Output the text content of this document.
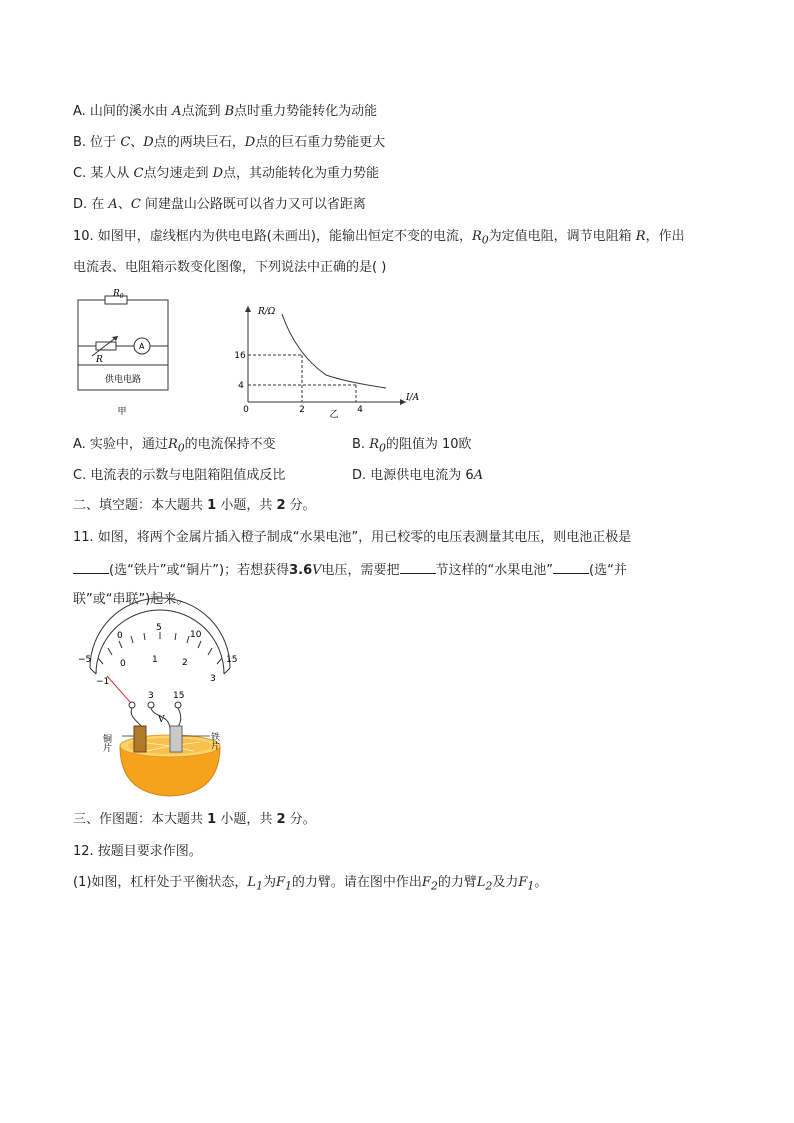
A. 山间的溪水由 A点流到 B点时重力势能转化为动能
B. 位于 C、D点的两块巨石，D点的巨石重力势能更大
C. 某人从 C点匀速走到 D点，其动能转化为重力势能
D. 在 A、C 间建盘山公路既可以省力又可以省距离
10. 如图甲，虚线框内为供电电路(未画出)，能输出恒定不变的电流，$R_0$为定值电阻，调节电阻箱 R，作出
电流表、电阻箱示数变化图像，下列说法中正确的是( )
$R_0$
R
A
供电电路
甲
R/Ω
I/A
0
16
4
2	4
乙
A. 实验中，通过$R_0$的电流保持不变	B. $R_0$的阻值为 10欧
C. 电流表的示数与电阻箱阻值成反比	D. 电源供电电流为 6A
二、填空题：本大题共 1 小题，共 2 分。
11. 如图，将两个金属片插入橙子制成“水果电池”，用已校零的电压表测量其电压，则电池正极是
(选“铁片”或“铜片”)；若想获得3.6V电压，需要把	节这样的“水果电池”	(选“并
联”或“串联”)起来。
−5
0
5
10
15
−1
0	1	2
3
3 15
V
铜片	铁片
三、作图题：本大题共 1 小题，共 2 分。
12. 按题目要求作图。
(1)如图，杠杆处于平衡状态，$L_1$为$F_1$的力臂。请在图中作出$F_2$的力臂$L_2$及力$F_1$。
